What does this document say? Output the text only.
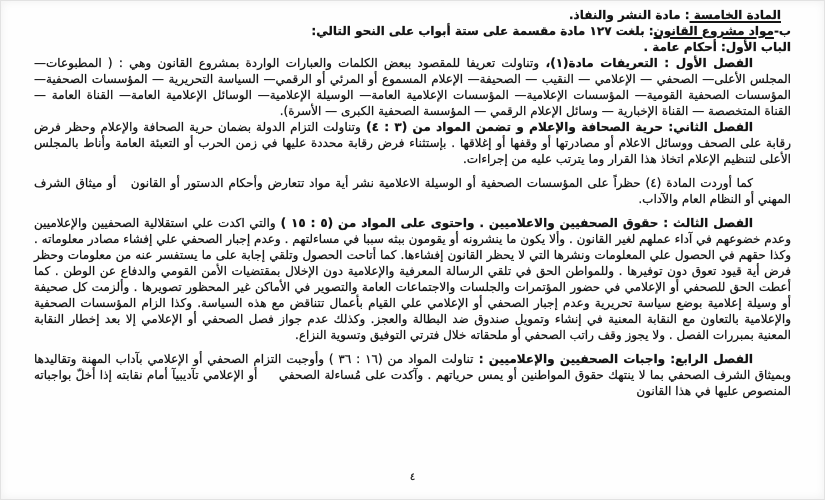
المادة الخامسة : مادة النشر والنفاذ.
ب-مواد مشروع القانون: بلغت ١٢٧ مادة مقسمة على ستة أبواب على النحو التالي:
الباب الأول: أحكام عامة .
الفصل الأول : التعريفات مادة(١)، وتناولت تعريفا للمقصود ببعض الكلمات والعبارات الواردة بمشروع القانون وهي : ( المطبوعات— المجلس الأعلى— الصحفي — الإعلامي — النقيب — الصحيفة— الإعلام المسموع أو المرئي أو الرقمي— السياسة التحريرية — المؤسسات الصحفية— المؤسسات الصحفية القومية— المؤسسات الإعلامية— المؤسسات الإعلامية العامة— الوسيلة الإعلامية— الوسائل الإعلامية العامة— القناة العامة — القناة المتخصصة — القناة الإخبارية — وسائل الإعلام الرقمي — المؤسسة الصحفية الكبرى — الأسرة).
الفصل الثاني: حرية الصحافة والإعلام و تضمن المواد من (٣ : ٤) وتناولت التزام الدولة بضمان حرية الصحافة والإعلام وحظر فرض رقابة على الصحف ووسائل الاعلام أو مصادرتها أو وقفها أو إغلاقها . بإستثناء فرض رقابة محددة عليها في زمن الحرب أو التعبئة العامة وأناط بالمجلس الأعلى لتنظيم الإعلام اتخاذ هذا القرار وما يترتب عليه من إجراءات.
كما أوردت المادة (٤) حظراً على المؤسسات الصحفية أو الوسيلة الاعلامية نشر أية مواد تتعارض وأحكام الدستور أو القانون   أو ميثاق الشرف المهني أو النظام العام والآداب.
الفصل الثالث : حقوق الصحفيين والاعلاميين . واحتوى على المواد من (٥ : ١٥ ) والتي اكدت علي استقلالية الصحفيين والإعلاميين وعدم خضوعهم في آداء عملهم لغير القانون . وألا يكون ما ينشرونه أو يقومون ببثه سببا في مساءلتهم . وعدم إجبار الصحفي علي إفشاء مصادر معلوماته . وكذا حقهم في الحصول علي المعلومات ونشرها التي لا يحظر القانون إفشاءها. كما أتاحت الحصول وتلقي إجابة على ما يستفسر عنه من معلومات وحظر فرض أية قيود تعوق دون توفيرها . وللمواطن الحق في تلقي الرسالة المعرفية والإعلامية دون الإخلال بمقتضيات الأمن القومي والدفاع عن الوطن . كما أعطت الحق للصحفي أو الإعلامي في حضور المؤتمرات والجلسات والاجتماعات العامة والتصوير في الأماكن غير المحظور تصويرها . وألزمت كل صحيفة أو وسيلة إعلامية بوضع سياسة تحريرية وعدم إجبار الصحفي أو الإعلامي علي القيام بأعمال تتناقض مع هذه السياسة. وكذا الزام المؤسسات الصحفية والإعلامية بالتعاون مع النقابة المعنية في إنشاء وتمويل صندوق ضد البطالة والعجز. وكذلك عدم جواز فصل الصحفي أو الإعلامي إلا بعد إخطار النقابة المعنية بمبررات الفصل . ولا يجوز وقف راتب الصحفي أو ملحقاته خلال فترتي التوفيق وتسوية النزاع.
الفصل الرابع: واجبات الصحفيين والإعلاميين : تناولت المواد من (١٦ : ٣٦ ) وأوجبت التزام الصحفي أو الإعلامي بآداب المهنة وتقاليدها وبميثاق الشرف الصحفي بما لا ينتهك حقوق المواطنين أو يمس حرياتهم . وآكدت على مُساءلة الصحفي     أو الإعلامي تآديبيآ أمام نقابته إذا أخلّ بواجباته المنصوص عليها في هذا القانون
٤
